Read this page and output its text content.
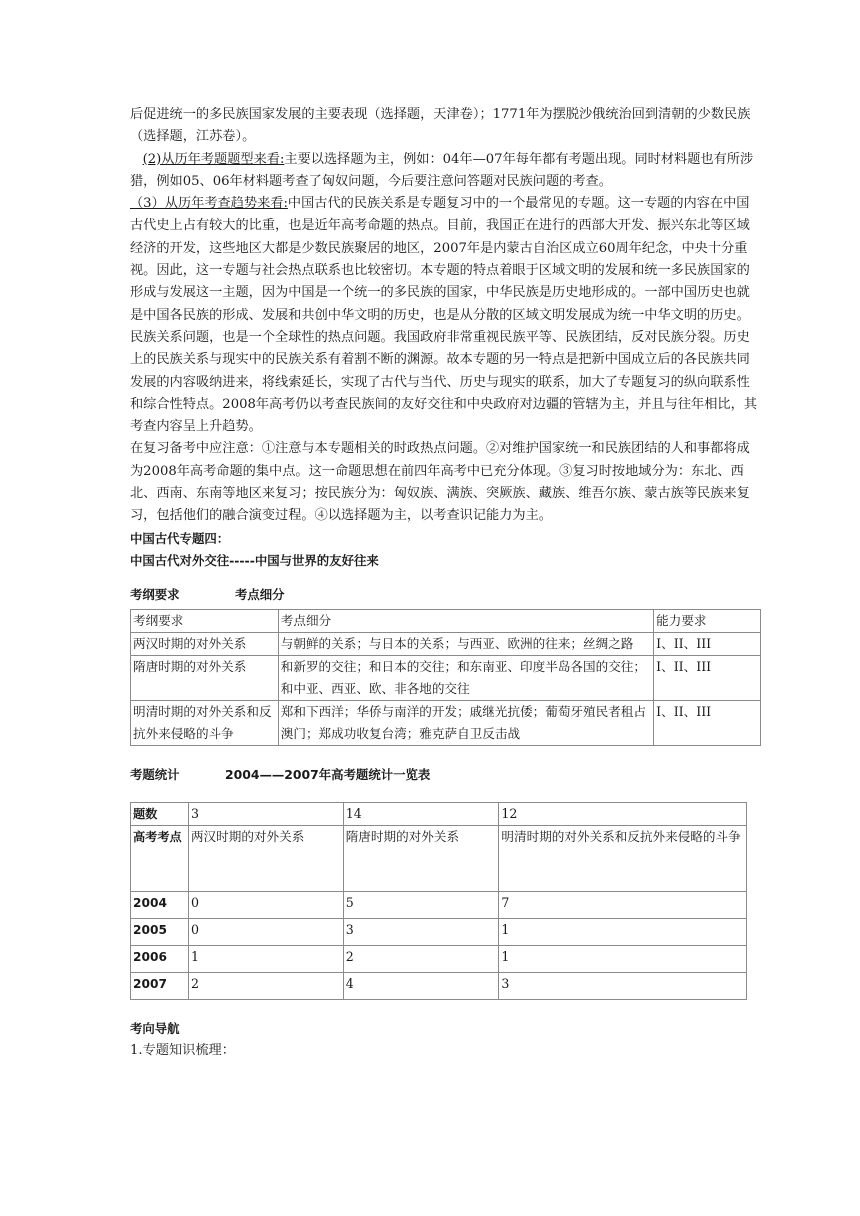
后促进统一的多民族国家发展的主要表现（选择题，天津卷）；1771年为摆脱沙俄统治回到清朝的少数民族（选择题，江苏卷）。

(2)从历年考题题型来看:主要以选择题为主，例如：04年—07年每年都有考题出现。同时材料题也有所涉猎，例如05、06年材料题考查了匈奴问题，今后要注意问答题对民族问题的考查。

（3）从历年考查趋势来看:中国古代的民族关系是专题复习中的一个最常见的专题。这一专题的内容在中国古代史上占有较大的比重，也是近年高考命题的热点。目前，我国正在进行的西部大开发、振兴东北等区域经济的开发，这些地区大都是少数民族聚居的地区，2007年是内蒙古自治区成立60周年纪念，中央十分重视。因此，这一专题与社会热点联系也比较密切。本专题的特点着眼于区域文明的发展和统一多民族国家的形成与发展这一主题，因为中国是一个统一的多民族的国家，中华民族是历史地形成的。一部中国历史也就是中国各民族的形成、发展和共创中华文明的历史，也是从分散的区域文明发展成为统一中华文明的历史。民族关系问题，也是一个全球性的热点问题。我国政府非常重视民族平等、民族团结，反对民族分裂。历史上的民族关系与现实中的民族关系有着割不断的渊源。故本专题的另一特点是把新中国成立后的各民族共同发展的内容吸纳进来，将线索延长，实现了古代与当代、历史与现实的联系，加大了专题复习的纵向联系性和综合性特点。2008年高考仍以考查民族间的友好交往和中央政府对边疆的管辖为主，并且与往年相比，其考查内容呈上升趋势。

在复习备考中应注意：①注意与本专题相关的时政热点问题。②对维护国家统一和民族团结的人和事都将成为2008年高考命题的集中点。这一命题思想在前四年高考中已充分体现。③复习时按地域分为：东北、西北、西南、东南等地区来复习；按民族分为：匈奴族、满族、突厥族、藏族、维吾尔族、蒙古族等民族来复习，包括他们的融合演变过程。④以选择题为主，以考查识记能力为主。

中国古代专题四：

中国古代对外交往-----中国与世界的友好往来

考纲要求	考点细分

考纲要求	考点细分	能力要求
两汉时期的对外关系	与朝鲜的关系；与日本的关系；与西亚、欧洲的往来；丝绸之路	I、II、III
隋唐时期的对外关系	和新罗的交往；和日本的交往；和东南亚、印度半岛各国的交往；和中亚、西亚、欧、非各地的交往	I、II、III
明清时期的对外关系和反抗外来侵略的斗争	郑和下西洋；华侨与南洋的开发；戚继光抗倭；葡萄牙殖民者租占澳门；郑成功收复台湾；雅克萨自卫反击战	I、II、III

考题统计	2004——2007年高考题统计一览表

题数	3	14	12
高考考点	两汉时期的对外关系	隋唐时期的对外关系	明清时期的对外关系和反抗外来侵略的斗争
2004	0	5	7
2005	0	3	1
2006	1	2	1
2007	2	4	3

考向导航

1.专题知识梳理：
